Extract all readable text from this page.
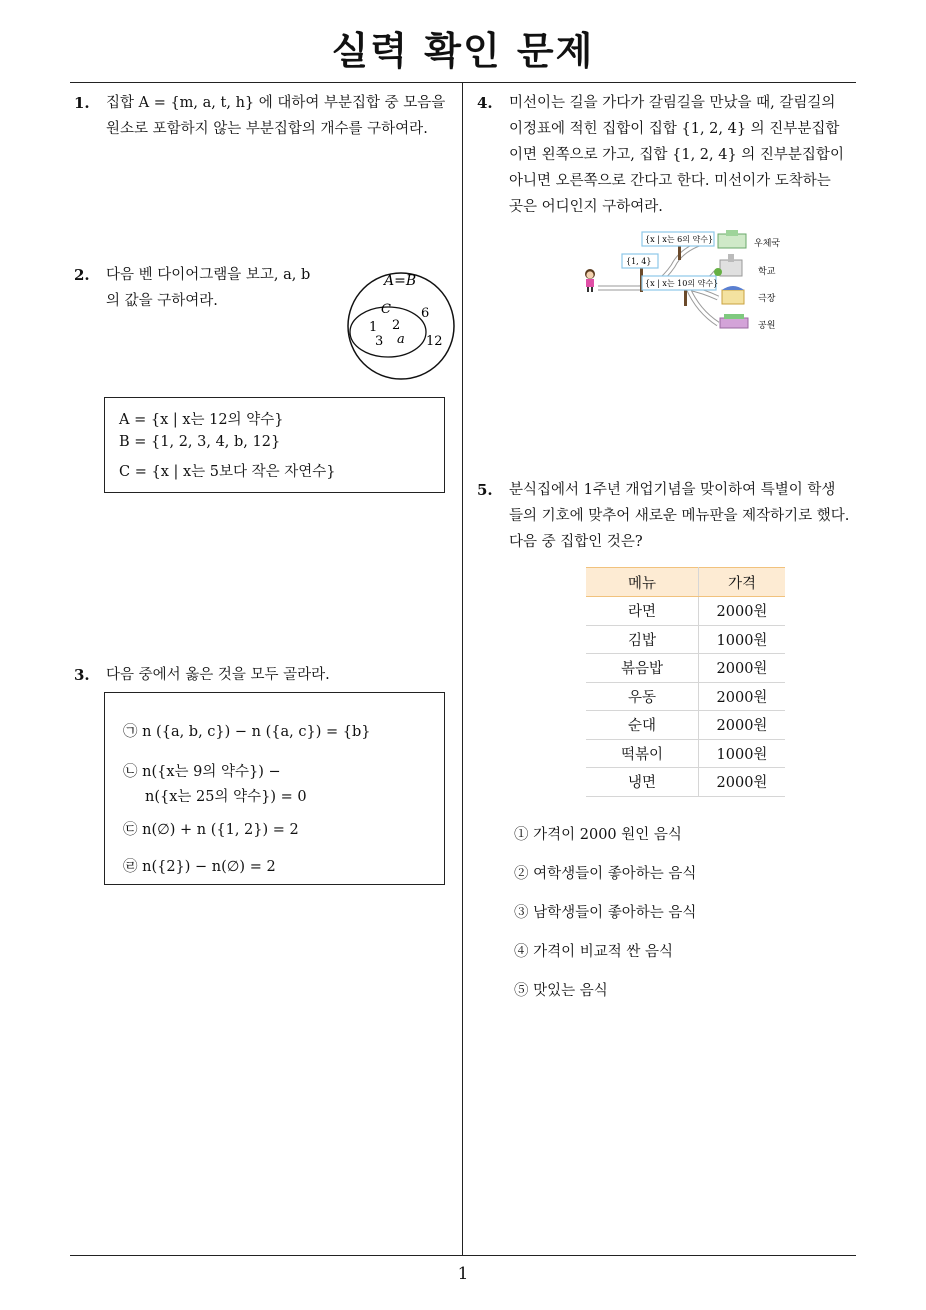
실력 확인 문제
1
1. 집합 A = {m, a, t, h} 에 대하여 부분집합 중 모음을
원소로 포함하지 않는 부분집합의 개수를 구하여라.
2. 다음 벤 다이어그램을 보고, a, b
의 값을 구하여라.
A=B
C
1 2
3 a
6
12
A = {x | x는 12의 약수}
B = {1, 2, 3, 4, b, 12}
C = {x | x는 5보다 작은 자연수}
3. 다음 중에서 옳은 것을 모두 골라라.
㉠ n ({a, b, c}) − n ({a, c}) = {b}
㉡ n({x는 9의 약수}) −
n({x는 25의 약수}) = 0
㉢ n(∅) + n ({1, 2}) = 2
㉣ n({2}) − n(∅) = 2
4. 미선이는 길을 가다가 갈림길을 만났을 때, 갈림길의
이정표에 적힌 집합이 집합 {1, 2, 4} 의 진부분집합
이면 왼쪽으로 가고, 집합 {1, 2, 4} 의 진부분집합이
아니면 오른쪽으로 간다고 한다. 미선이가 도착하는
곳은 어디인지 구하여라.
{1, 4}
{x | x는 6의 약수}
{x | x는 10의 약수}
우체국
학교
극장
공원
5. 분식집에서 1주년 개업기념을 맞이하여 특별이 학생
들의 기호에 맞추어 새로운 메뉴판을 제작하기로 했다.
다음 중 집합인 것은?
메뉴	가격
라면	2000원
김밥	1000원
볶음밥	2000원
우동	2000원
순대	2000원
떡볶이	1000원
냉면	2000원
① 가격이 2000 원인 음식
② 여학생들이 좋아하는 음식
③ 남학생들이 좋아하는 음식
④ 가격이 비교적 싼 음식
⑤ 맛있는 음식
